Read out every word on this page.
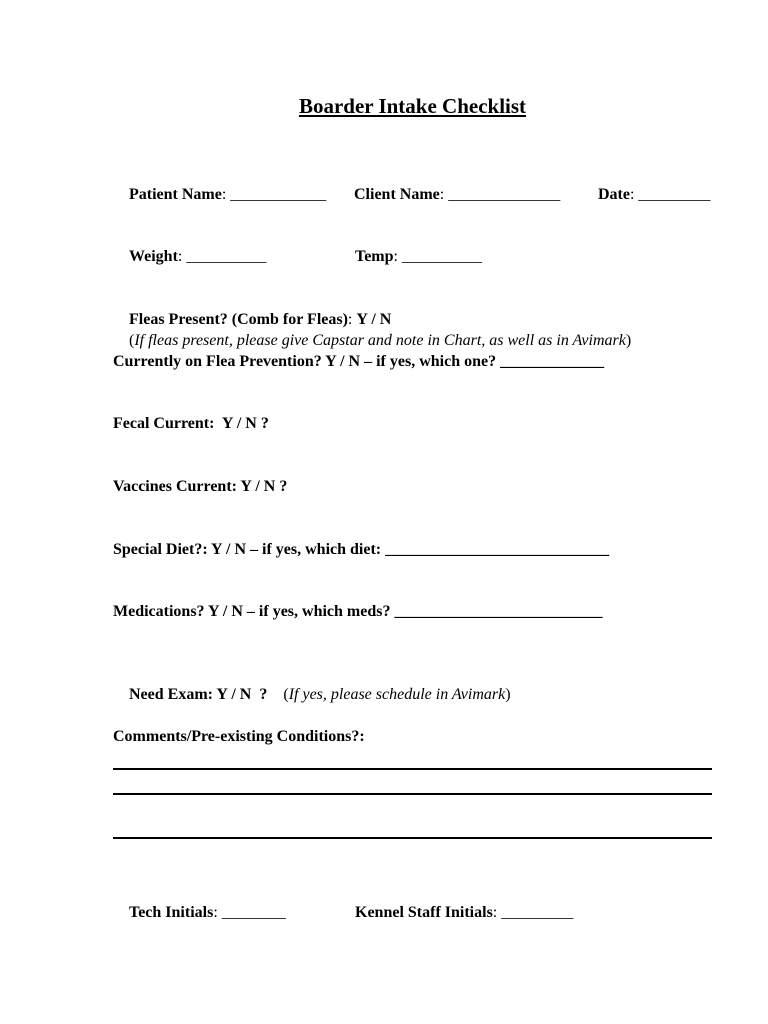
Boarder Intake Checklist

Patient Name: ____________
	Client Name: ______________
	Date: _________

Weight: __________
	Temp: __________

Fleas Present? (Comb for Fleas): Y / N

(If fleas present, please give Capstar and note in Chart, as well as in Avimark)

Currently on Flea Prevention? Y / N – if yes, which one? _____________
Fecal Current:  Y / N ?
Vaccines Current: Y / N ?
Special Diet?: Y / N – if yes, which diet: ____________________________
Medications? Y / N – if yes, which meds? __________________________

Need Exam: Y / N  ? (If yes, please schedule in Avimark)

Comments/Pre-existing Conditions?:

Tech Initials: ________
	Kennel Staff Initials: _________
